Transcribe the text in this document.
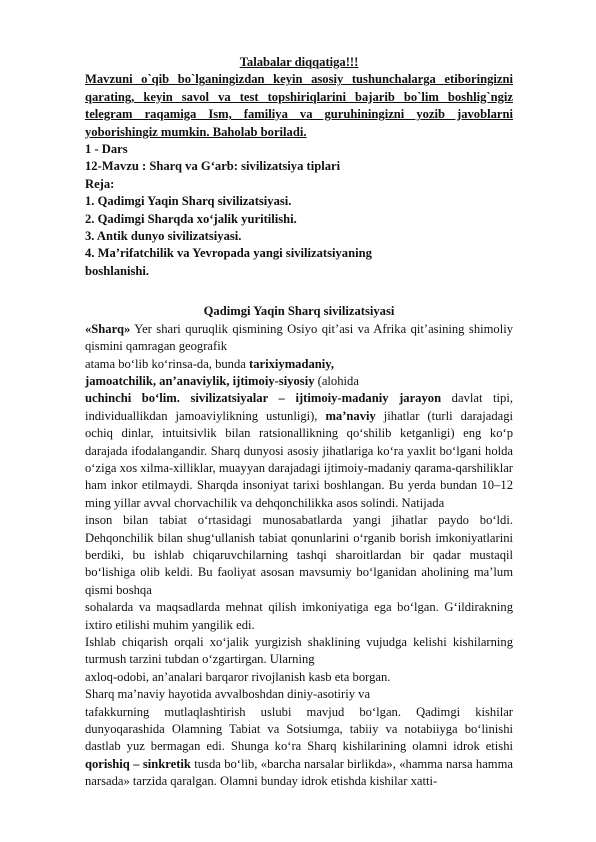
Talabalar diqqatiga!!!

Mavzuni o`qib bo`lganingizdan keyin asosiy tushunchalarga etiboringizni qarating, keyin savol va test topshiriqlarini bajarib bo`lim boshlig`ngiz telegram raqamiga Ism, familiya va guruhiningizni yozib javoblarni yoborishingiz mumkin. Baholab boriladi.

1 - Dars

12-Mavzu : Sharq va G‘arb: sivilizatsiya tiplari

Reja:

1. Qadimgi Yaqin Sharq sivilizatsiyasi.

2. Qadimgi Sharqda xo‘jalik yuritilishi.

3. Antik dunyo sivilizatsiyasi.

4. Ma’rifatchilik va Yevropada yangi sivilizatsiyaning

boshlanishi.

Qadimgi Yaqin Sharq sivilizatsiyasi

«Sharq» Yer shari quruqlik qismining Osiyo qit’asi va Afrika qit’asining shimoliy qismini qamragan geografik

atama bo‘lib ko‘rinsa-da, bunda tarixiymadaniy,

jamoatchilik, an’anaviylik, ijtimoiy-siyosiy (alohida

uchinchi bo‘lim. sivilizatsiyalar – ijtimoiy-madaniy jarayon davlat tipi, individuallikdan jamoaviylikning ustunligi), ma’naviy jihatlar (turli darajadagi ochiq dinlar, intuitsivlik bilan ratsionallikning qo‘shilib ketganligi) eng ko‘p darajada ifodalangandir. Sharq dunyosi asosiy jihatlariga ko‘ra yaxlit bo‘lgani holda o‘ziga xos xilma-xilliklar, muayyan darajadagi ijtimoiy-madaniy qarama-qarshiliklar ham inkor etilmaydi. Sharqda insoniyat tarixi boshlangan. Bu yerda bundan 10–12 ming yillar avval chorvachilik va dehqonchilikka asos solindi. Natijada

inson bilan tabiat o‘rtasidagi munosabatlarda yangi jihatlar paydo bo‘ldi. Dehqonchilik bilan shug‘ullanish tabiat qonunlarini o‘rganib borish imkoniyatlarini berdiki, bu ishlab chiqaruvchilarning tashqi sharoitlardan bir qadar mustaqil bo‘lishiga olib keldi. Bu faoliyat asosan mavsumiy bo‘lganidan aholining ma’lum qismi boshqa

sohalarda va maqsadlarda mehnat qilish imkoniyatiga ega bo‘lgan. G‘ildirakning ixtiro etilishi muhim yangilik edi.

Ishlab chiqarish orqali xo‘jalik yurgizish shaklining vujudga kelishi kishilarning turmush tarzini tubdan o‘zgartirgan. Ularning

axloq-odobi, an’analari barqaror rivojlanish kasb eta borgan.

Sharq ma’naviy hayotida avvalboshdan diniy-asotiriy va

tafakkurning mutlaqlashtirish uslubi mavjud bo‘lgan. Qadimgi kishilar dunyoqarashida Olamning Tabiat va Sotsiumga, tabiiy va notabiiyga bo‘linishi dastlab yuz bermagan edi. Shunga ko‘ra Sharq kishilarining olamni idrok etishi qorishiq – sinkretik tusda bo‘lib, «barcha narsalar birlikda», «hamma narsa hamma narsada» tarzida qaralgan. Olamni bunday idrok etishda kishilar xatti-
